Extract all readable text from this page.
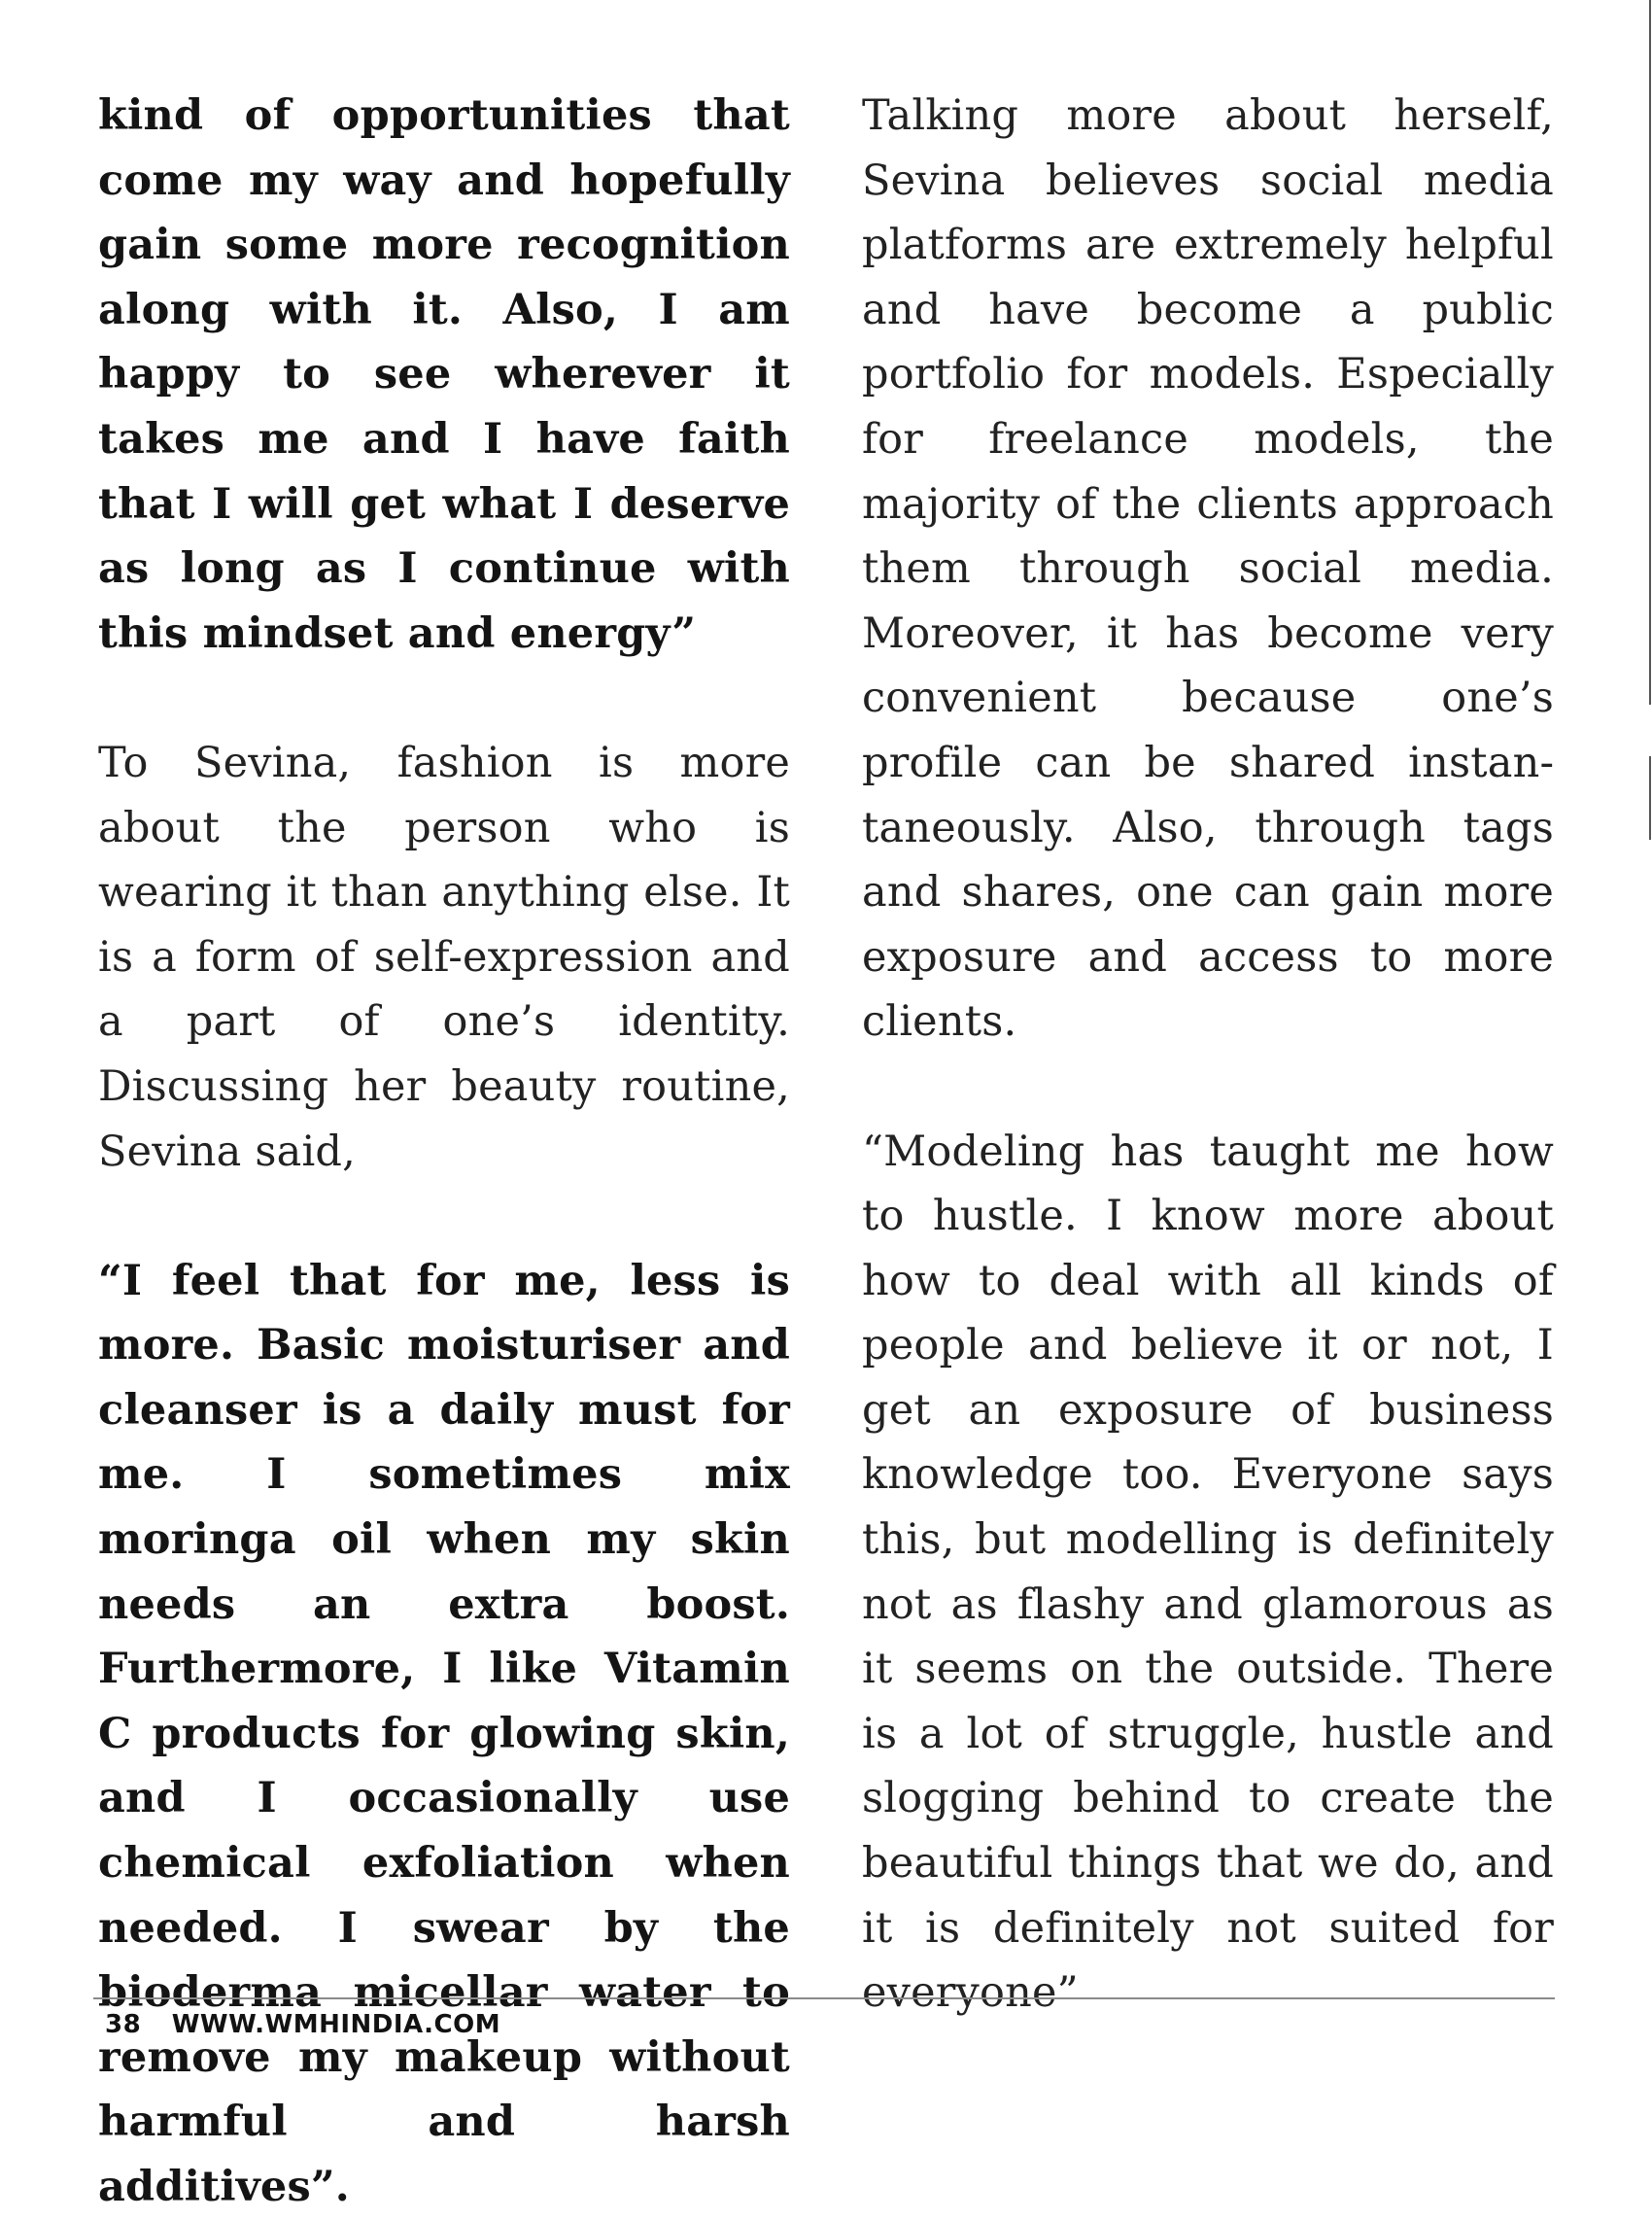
kind of opportunities that come my way and hopefully gain some more recognition along with it. Also, I am happy to see wherever it takes me and I have faith that I will get what I deserve as long as I continue with this mindset and energy”

To Sevina, fashion is more about the person who is wearing it than anything else. It is a form of self-expression and a part of one’s identity. Discussing her beauty routine, Sevina said,

“I feel that for me, less is more. Basic moisturiser and cleanser is a daily must for me. I sometimes mix moringa oil when my skin needs an extra boost. Furthermore, I like Vitamin C products for glowing skin, and I occasionally use chemical exfoliation when needed. I swear by the bioderma micellar water to remove my makeup without harmful and harsh additives”.

Talking more about herself, Sevina believes social media platforms are extremely helpful and have become a public portfolio for models. Especially for freelance models, the majority of the clients approach them through social media. Moreover, it has become very convenient because one’s profile can be shared instantaneously. Also, through tags and shares, one can gain more exposure and access to more clients.

“Modeling has taught me how to hustle. I know more about how to deal with all kinds of people and believe it or not, I get an exposure of business knowledge too. Everyone says this, but modelling is definitely not as flashy and glamorous as it seems on the outside. There is a lot of struggle, hustle and slogging behind to create the beautiful things that we do, and it is definitely not suited for everyone”

38 WWW.WMHINDIA.COM
